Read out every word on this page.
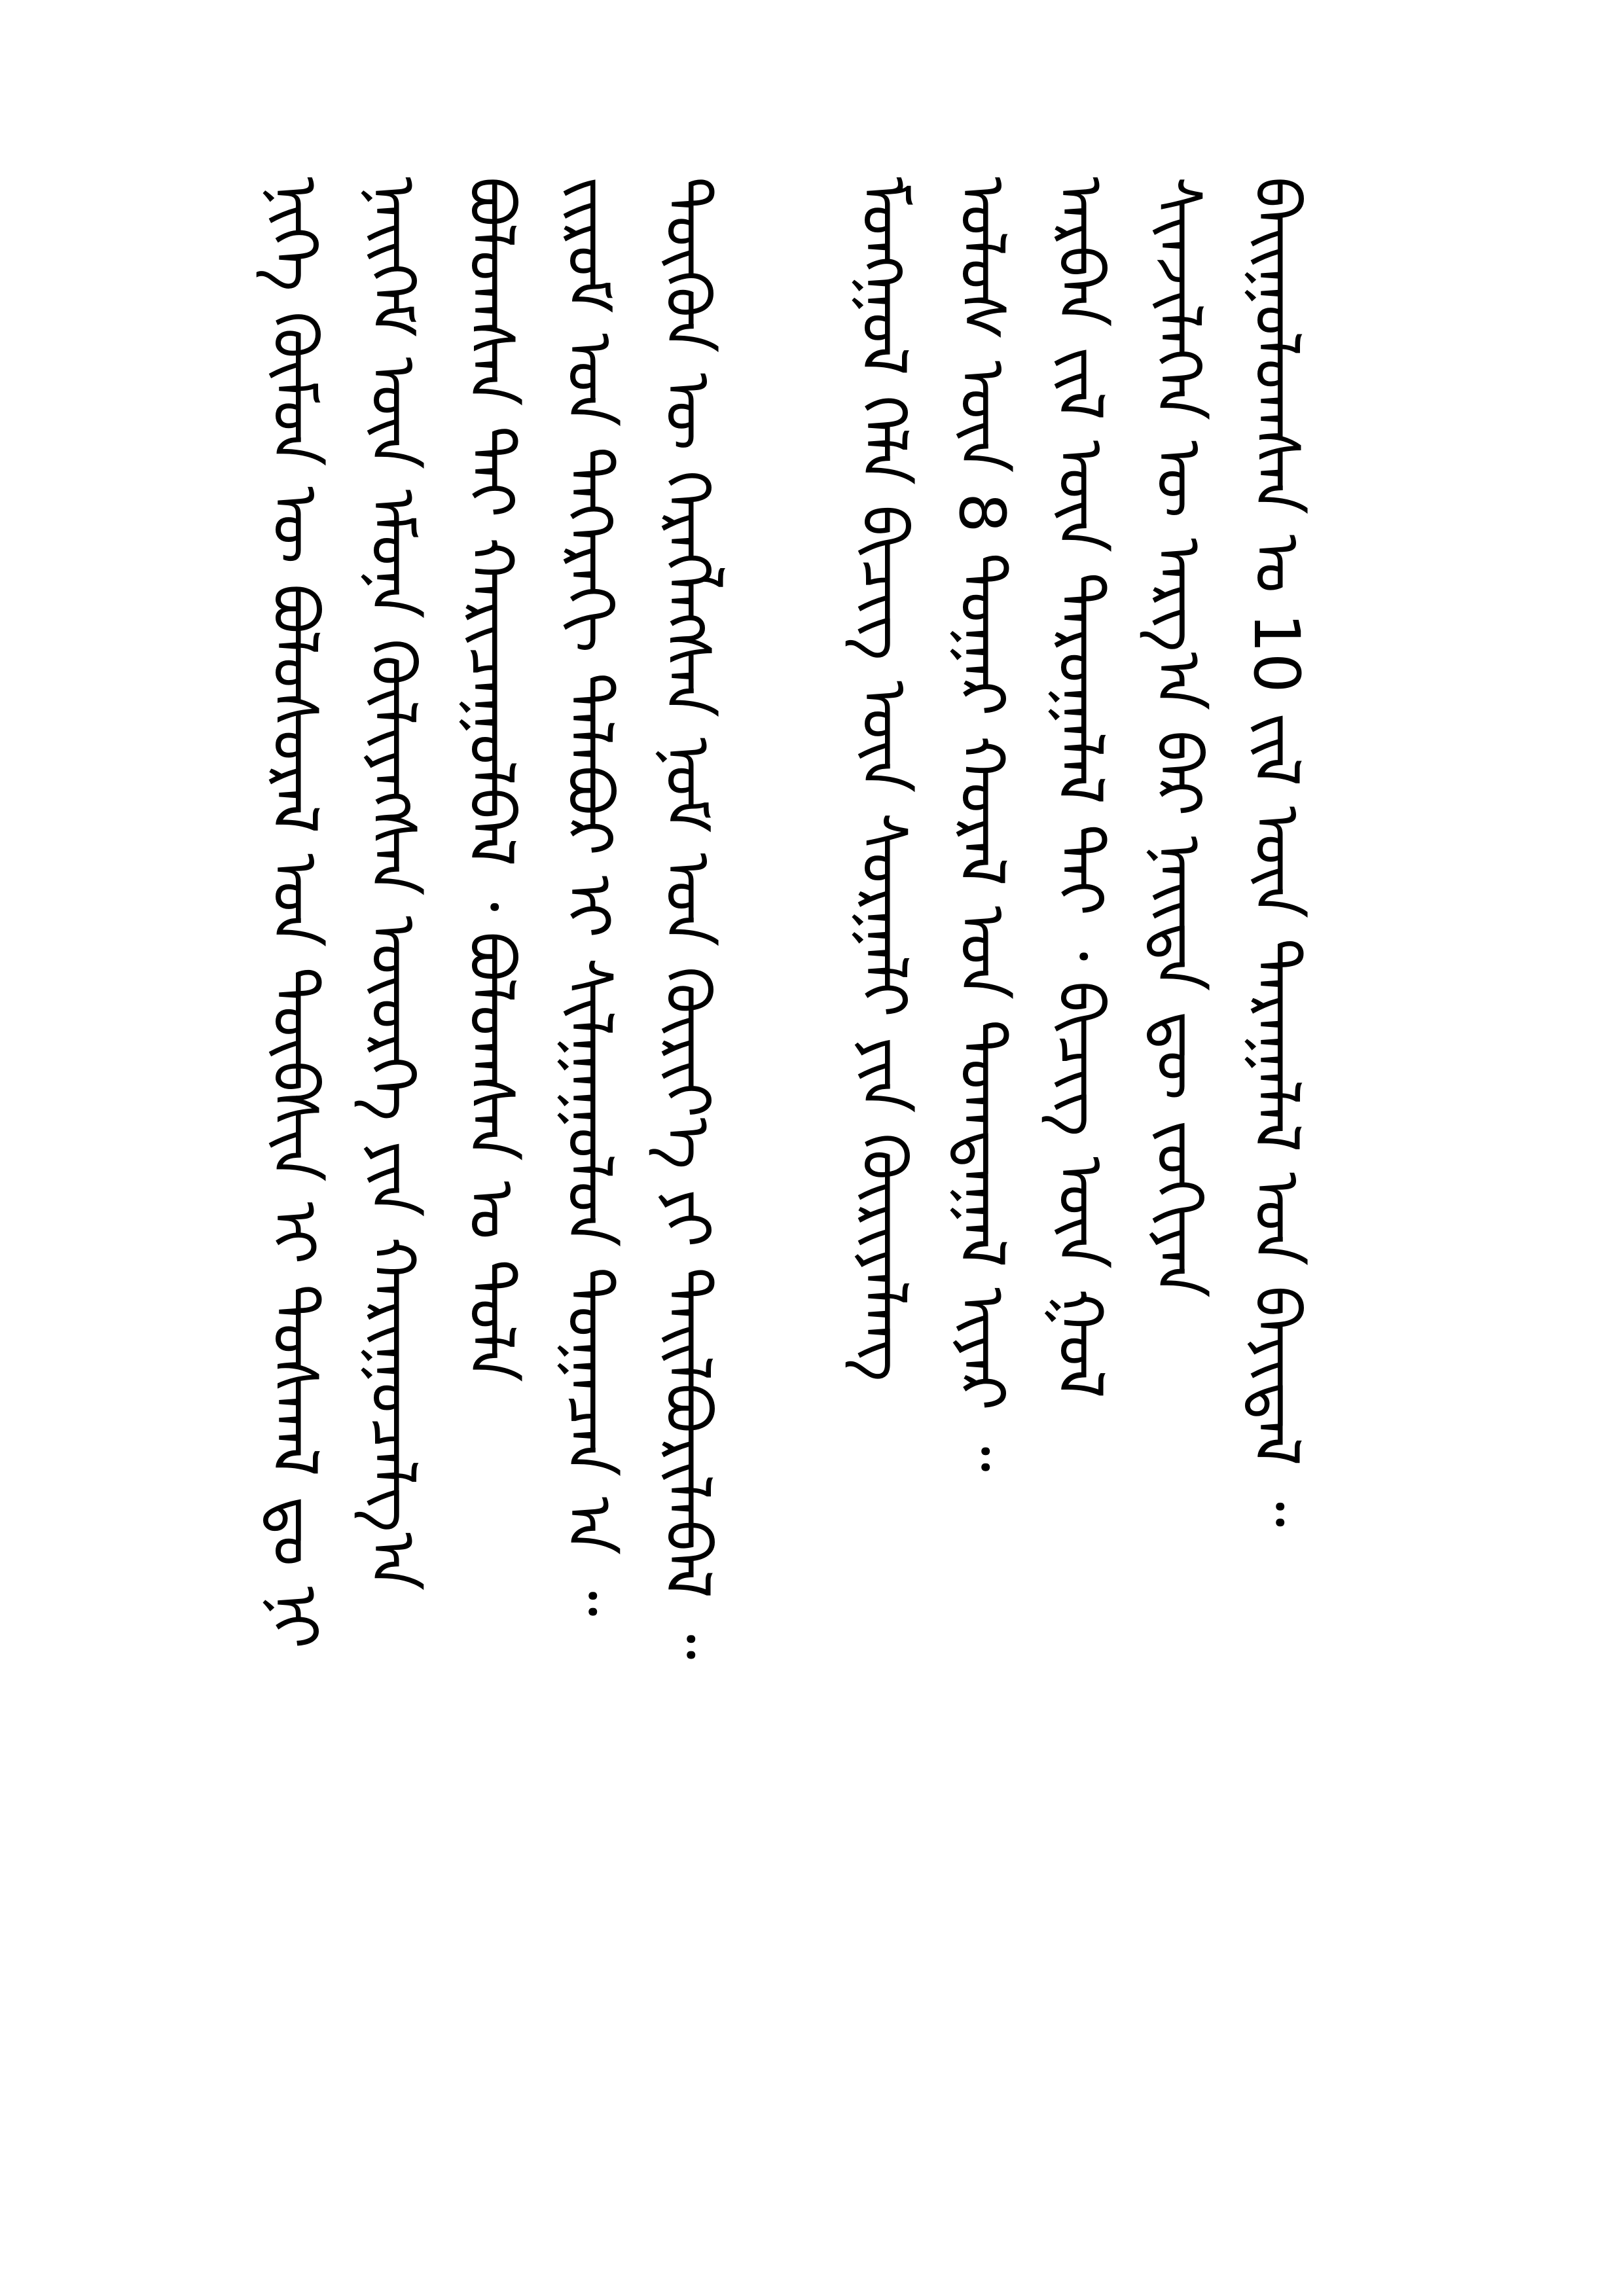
ᠨᠢᠭᠡ ᠬᠦᠮᠦᠨ ᠦ ᠪᠣᠯᠣᠰᠤᠷᠠᠯ ᠤᠨ ᠲᠦᠪᠰᠢᠨ ᠢ ᠲᠤᠰᠬᠠᠯ ᠳᠤ ᠨᠢ ᠨᠡᠢᠭᠡᠮ ᠦᠨ ᠡᠮᠦᠨᠡ ᠬᠦᠯᠢᠶᠡᠭᠰᠡᠨ ᠦᠦᠷᠭᠡ ᠶᠢᠨ ᠬᠠᠷᠢᠭᠤᠴᠠᠯᠭ᠎ᠠ ᠪᠣᠯᠣᠭᠰᠠᠨ ᠲᠠᠢ ᠬᠠᠷᠢᠴᠠᠭᠤᠯᠪᠠᠯ ᠂ ᠪᠣᠯᠣᠭᠰᠠᠨ ᠤ ᠲᠤᠯᠠ ᠵᠢᠷᠤᠮ ᠤᠨ ᠳᠡᠭᠡᠷᠡᠬᠢ ᠲᠠᠯᠠᠪᠣᠷ ᠢ ᠰᠢᠯᠭᠠᠭᠤᠯᠤᠨ ᠲᠣᠭᠠᠴᠠᠨ ᠠ ᠃ ᠲᠦᠭᠦᠨ ᠦ ᠬᠡᠷᠡᠭᠯᠡᠭᠰᠡᠨ ᠨᠣᠮ ᠤᠨ ᠬᠦᠷᠢᠶ᠎ᠡ ᠶᠢ ᠲᠠᠢᠯᠪᠤᠷᠢᠯᠠᠪᠠᠯ ᠃ ᠮᠣᠩᠭᠣᠯ ᠬᠡᠯᠡ ᠪᠢᠴᠢᠭ ᠦᠨ ᠰᠤᠷᠭᠠᠯᠢ ᠶᠢᠨ ᠬᠦᠷᠢᠶᠡᠯᠡᠩ ᠤᠯᠤᠰ ᠦᠨ 8 ᠳᠤᠭᠠᠷ ᠬᠤᠷᠠᠯ ᠤᠨ ᠲᠣᠭᠲᠠᠭᠠᠯ ᠢᠶᠠᠷ ᠃ ᠠᠷᠪᠠᠨ ᠵᠢᠯ ᠦᠨ ᠳᠠᠷᠤᠭᠠᠯᠠᠯ ᠲᠠᠢ ᠂ ᠪᠢᠴᠢᠭ ᠦᠨ ᠭᠣᠯ ᠰᠢᠨᠵᠢᠯᠡᠭᠡᠨ ᠦ ᠠᠷᠭ᠎ᠠ ᠪᠠᠷ ᠨᠡᠢᠲᠡ ᠳᠦ ᠵᠣᠬᠢᠶᠠᠨ ᠪᠠᠢᠭᠤᠯᠤᠭᠰᠠᠨ ᠤ 10 ᠵᠢᠯ ᠦᠨ ᠳᠠᠷᠠᠭᠠᠯᠠᠯ ᠤᠨ ᠪᠠᠶᠢᠳᠠᠯ ᠃
